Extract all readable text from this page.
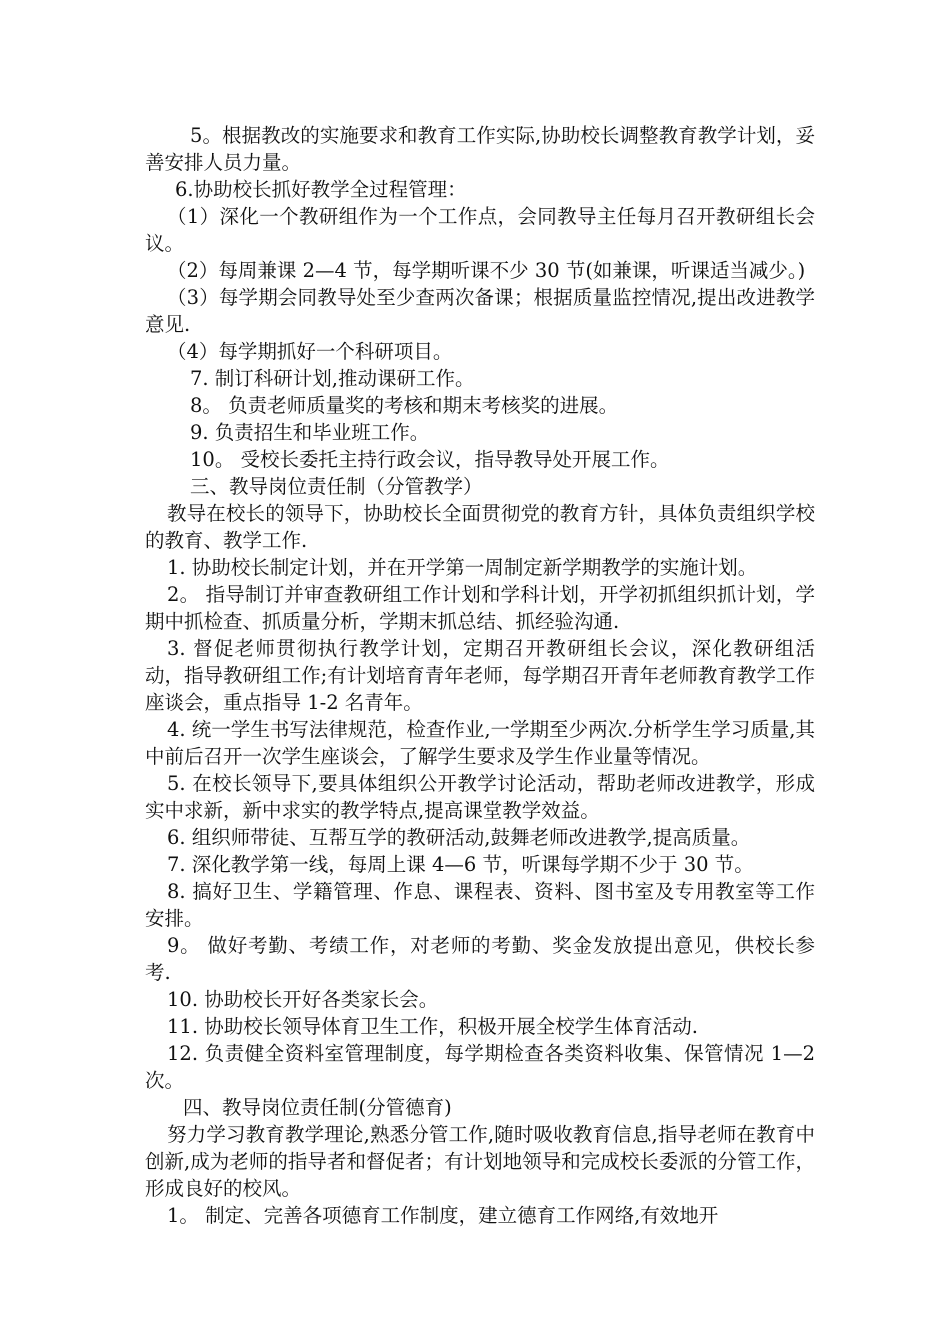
5。根据教改的实施要求和教育工作实际,协助校长调整教育教学计划，妥善安排人员力量。

6.协助校长抓好教学全过程管理：

（1）深化一个教研组作为一个工作点，会同教导主任每月召开教研组长会议。

（2）每周兼课 2—4 节，每学期听课不少 30 节(如兼课，听课适当减少。)

（3）每学期会同教导处至少查两次备课；根据质量监控情况,提出改进教学意见.

（4）每学期抓好一个科研项目。

7. 制订科研计划,推动课研工作。

8。 负责老师质量奖的考核和期末考核奖的进展。

9. 负责招生和毕业班工作。

10。 受校长委托主持行政会议，指导教导处开展工作。

三、教导岗位责任制（分管教学）

教导在校长的领导下，协助校长全面贯彻党的教育方针，具体负责组织学校的教育、教学工作.

1. 协助校长制定计划，并在开学第一周制定新学期教学的实施计划。

2。 指导制订并审查教研组工作计划和学科计划，开学初抓组织抓计划，学期中抓检查、抓质量分析，学期末抓总结、抓经验沟通.

3. 督促老师贯彻执行教学计划，定期召开教研组长会议，深化教研组活动，指导教研组工作;有计划培育青年老师，每学期召开青年老师教育教学工作座谈会，重点指导 1-2 名青年。

4. 统一学生书写法律规范，检查作业,一学期至少两次.分析学生学习质量,其中前后召开一次学生座谈会，了解学生要求及学生作业量等情况。

5. 在校长领导下,要具体组织公开教学讨论活动，帮助老师改进教学，形成实中求新，新中求实的教学特点,提高课堂教学效益。

6. 组织师带徒、互帮互学的教研活动,鼓舞老师改进教学,提高质量。

7. 深化教学第一线，每周上课 4—6 节，听课每学期不少于 30 节。

8. 搞好卫生、学籍管理、作息、课程表、资料、图书室及专用教室等工作安排。

9。 做好考勤、考绩工作，对老师的考勤、奖金发放提出意见，供校长参考.

10. 协助校长开好各类家长会。

11. 协助校长领导体育卫生工作，积极开展全校学生体育活动.

12. 负责健全资料室管理制度，每学期检查各类资料收集、保管情况 1—2 次。

四、教导岗位责任制(分管德育)

努力学习教育教学理论,熟悉分管工作,随时吸收教育信息,指导老师在教育中创新,成为老师的指导者和督促者；有计划地领导和完成校长委派的分管工作，形成良好的校风。

1。 制定、完善各项德育工作制度，建立德育工作网络,有效地开
